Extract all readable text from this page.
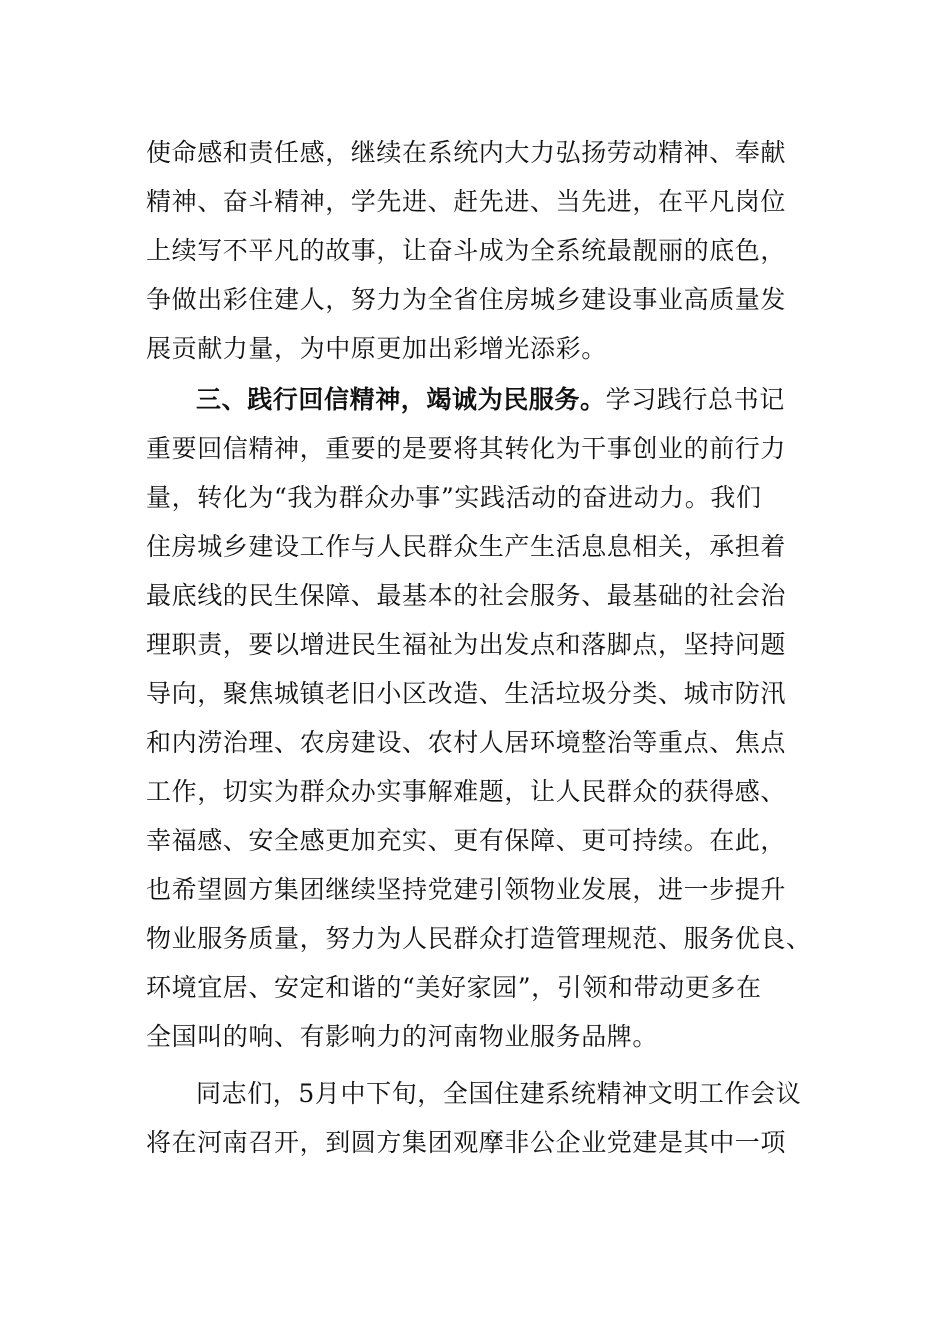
使命感和责任感，继续在系统内大力弘扬劳动精神、奉献
精神、奋斗精神，学先进、赶先进、当先进，在平凡岗位
上续写不平凡的故事，让奋斗成为全系统最靓丽的底色，
争做出彩住建人，努力为全省住房城乡建设事业高质量发
展贡献力量，为中原更加出彩增光添彩。
三、践行回信精神，竭诚为民服务。学习践行总书记
重要回信精神，重要的是要将其转化为干事创业的前行力
量，转化为“我为群众办事”实践活动的奋进动力。我们
住房城乡建设工作与人民群众生产生活息息相关，承担着
最底线的民生保障、最基本的社会服务、最基础的社会治
理职责，要以增进民生福祉为出发点和落脚点，坚持问题
导向，聚焦城镇老旧小区改造、生活垃圾分类、城市防汛
和内涝治理、农房建设、农村人居环境整治等重点、焦点
工作，切实为群众办实事解难题，让人民群众的获得感、
幸福感、安全感更加充实、更有保障、更可持续。在此，
也希望圆方集团继续坚持党建引领物业发展，进一步提升
物业服务质量，努力为人民群众打造管理规范、服务优良、
环境宜居、安定和谐的“美好家园”，引领和带动更多在
全国叫的响、有影响力的河南物业服务品牌。
同志们，5月中下旬，全国住建系统精神文明工作会议
将在河南召开，到圆方集团观摩非公企业党建是其中一项
